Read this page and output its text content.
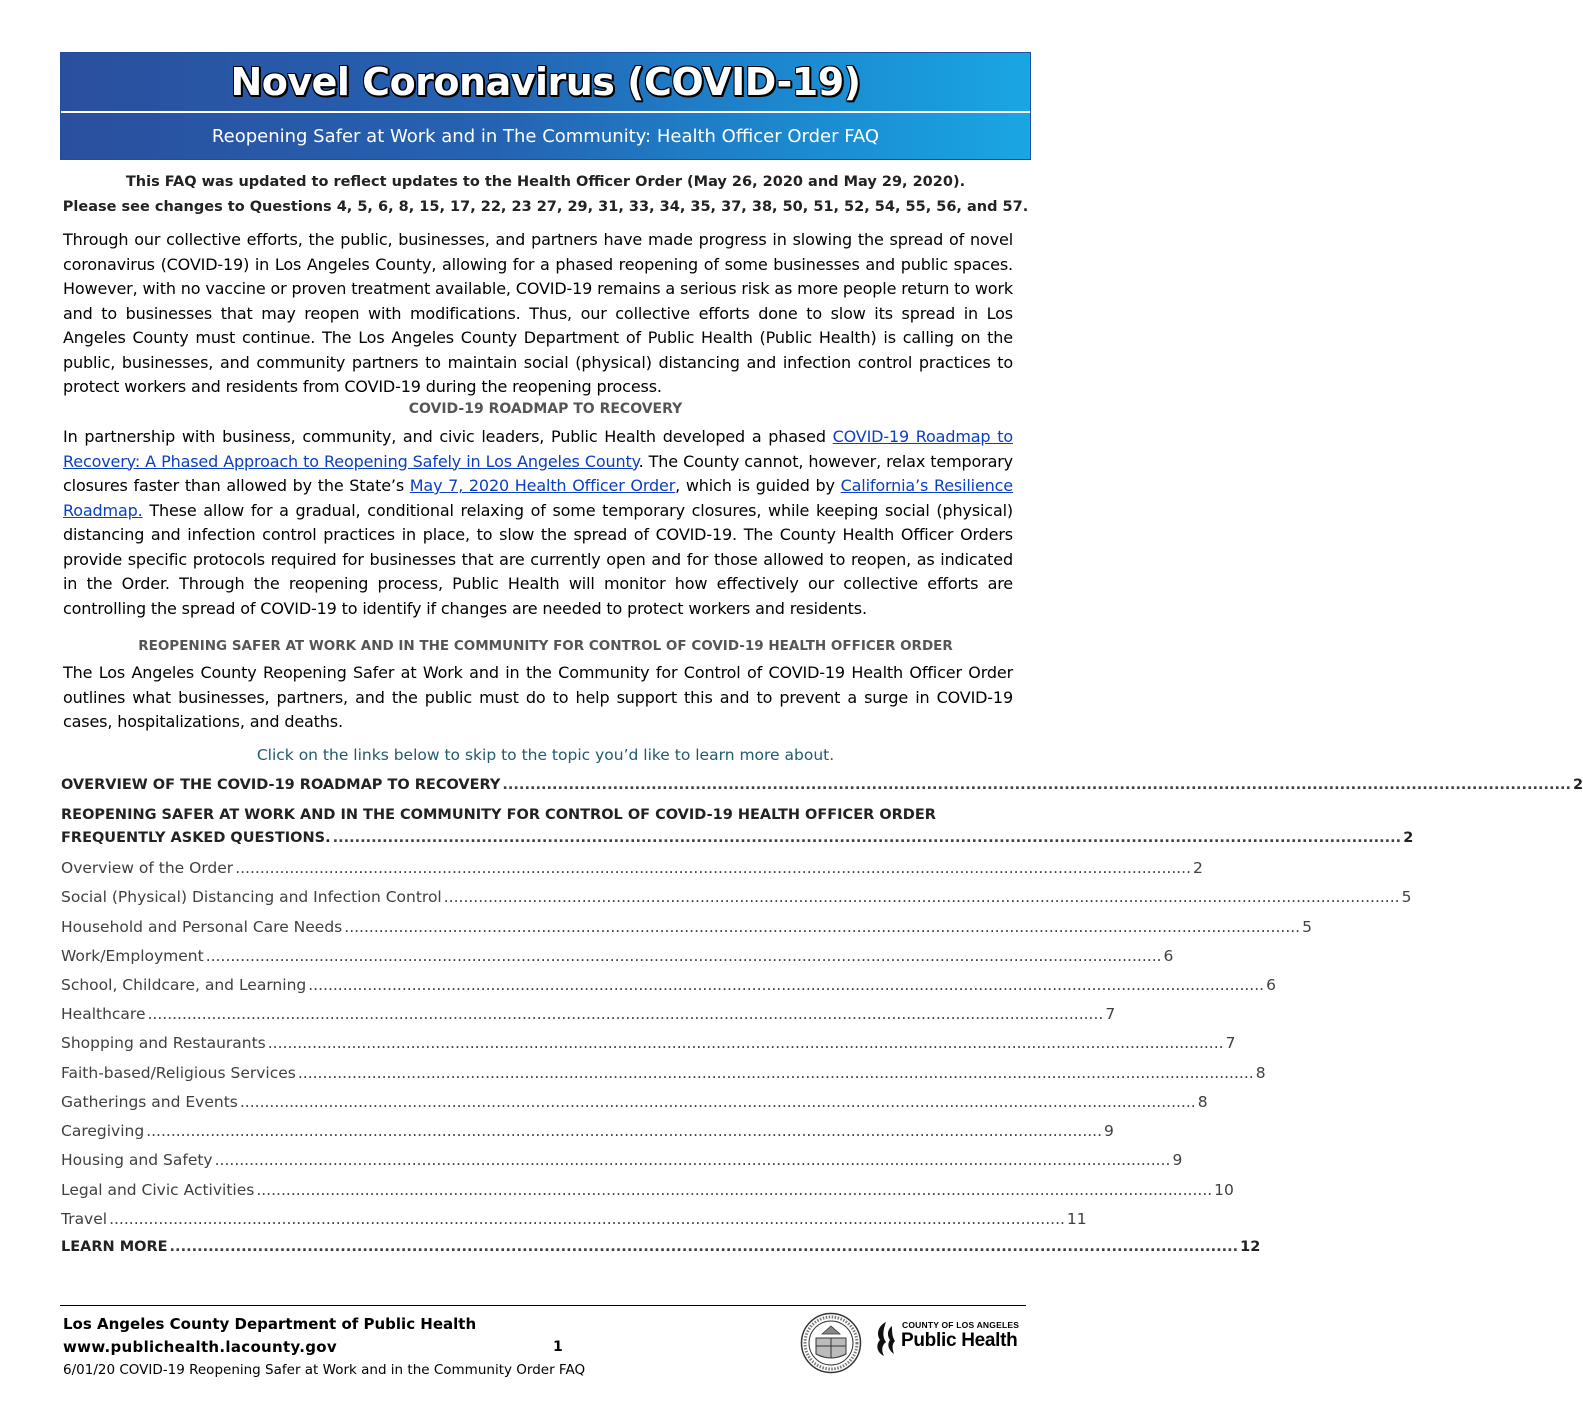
Novel Coronavirus (COVID-19)
Reopening Safer at Work and in The Community: Health Officer Order FAQ
This FAQ was updated to reflect updates to the Health Officer Order (May 26, 2020 and May 29, 2020).
Please see changes to Questions 4, 5, 6, 8, 15, 17, 22, 23 27, 29, 31, 33, 34, 35, 37, 38, 50, 51, 52, 54, 55, 56, and 57.
Through our collective efforts, the public, businesses, and partners have made progress in slowing the spread of novel coronavirus (COVID-19) in Los Angeles County, allowing for a phased reopening of some businesses and public spaces. However, with no vaccine or proven treatment available, COVID-19 remains a serious risk as more people return to work and to businesses that may reopen with modifications. Thus, our collective efforts done to slow its spread in Los Angeles County must continue. The Los Angeles County Department of Public Health (Public Health) is calling on the public, businesses, and community partners to maintain social (physical) distancing and infection control practices to protect workers and residents from COVID-19 during the reopening process.
COVID-19 ROADMAP TO RECOVERY
In partnership with business, community, and civic leaders, Public Health developed a phased COVID-19 Roadmap to Recovery: A Phased Approach to Reopening Safely in Los Angeles County. The County cannot, however, relax temporary closures faster than allowed by the State’s May 7, 2020 Health Officer Order, which is guided by California’s Resilience Roadmap. These allow for a gradual, conditional relaxing of some temporary closures, while keeping social (physical) distancing and infection control practices in place, to slow the spread of COVID-19. The County Health Officer Orders provide specific protocols required for businesses that are currently open and for those allowed to reopen, as indicated in the Order. Through the reopening process, Public Health will monitor how effectively our collective efforts are controlling the spread of COVID-19 to identify if changes are needed to protect workers and residents.
REOPENING SAFER AT WORK AND IN THE COMMUNITY FOR CONTROL OF COVID-19 HEALTH OFFICER ORDER
The Los Angeles County Reopening Safer at Work and in the Community for Control of COVID-19 Health Officer Order outlines what businesses, partners, and the public must do to help support this and to prevent a surge in COVID-19 cases, hospitalizations, and deaths.
Click on the links below to skip to the topic you’d like to learn more about.
OVERVIEW OF THE COVID-19 ROADMAP TO RECOVERY .................................................................................................................................................................................................. 2
REOPENING SAFER AT WORK AND IN THE COMMUNITY FOR CONTROL OF COVID-19 HEALTH OFFICER ORDER
FREQUENTLY ASKED QUESTIONS. .................................................................................................................................................................................................. 2
Overview of the Order .................................................................................................................................................................................................. 2
Social (Physical) Distancing and Infection Control .................................................................................................................................................................................................. 5
Household and Personal Care Needs .................................................................................................................................................................................................. 5
Work/Employment .................................................................................................................................................................................................. 6
School, Childcare, and Learning .................................................................................................................................................................................................. 6
Healthcare .................................................................................................................................................................................................. 7
Shopping and Restaurants .................................................................................................................................................................................................. 7
Faith-based/Religious Services .................................................................................................................................................................................................. 8
Gatherings and Events .................................................................................................................................................................................................. 8
Caregiving .................................................................................................................................................................................................. 9
Housing and Safety .................................................................................................................................................................................................. 9
Legal and Civic Activities .................................................................................................................................................................................................. 10
Travel .................................................................................................................................................................................................. 11
LEARN MORE .................................................................................................................................................................................................. 12
Los Angeles County Department of Public Health
www.publichealth.lacounty.gov	1
6/01/20 COVID-19 Reopening Safer at Work and in the Community Order FAQ
COUNTY OF LOS ANGELES
Public Health
